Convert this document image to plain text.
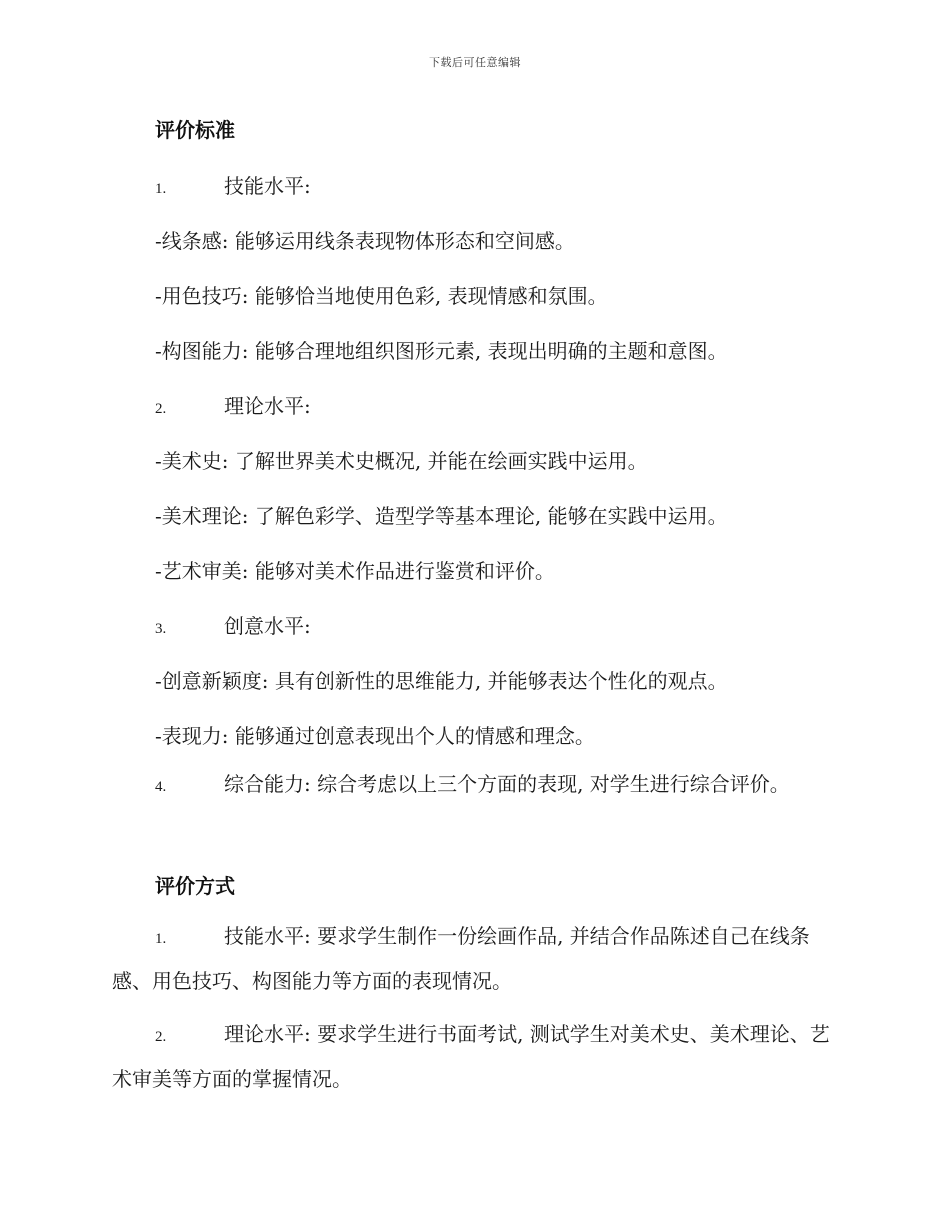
下载后可任意编辑
评价标准
1.	技能水平:
-线条感: 能够运用线条表现物体形态和空间感。
-用色技巧: 能够恰当地使用色彩, 表现情感和氛围。
-构图能力: 能够合理地组织图形元素, 表现出明确的主题和意图。
2.	理论水平:
-美术史: 了解世界美术史概况, 并能在绘画实践中运用。
-美术理论: 了解色彩学、造型学等基本理论, 能够在实践中运用。
-艺术审美: 能够对美术作品进行鉴赏和评价。
3.	创意水平:
-创意新颖度: 具有创新性的思维能力, 并能够表达个性化的观点。
-表现力: 能够通过创意表现出个人的情感和理念。
4.	综合能力: 综合考虑以上三个方面的表现, 对学生进行综合评价。
评价方式
1.	技能水平: 要求学生制作一份绘画作品, 并结合作品陈述自己在线条感、用色技巧、构图能力等方面的表现情况。
2.	理论水平: 要求学生进行书面考试, 测试学生对美术史、美术理论、艺术审美等方面的掌握情况。
